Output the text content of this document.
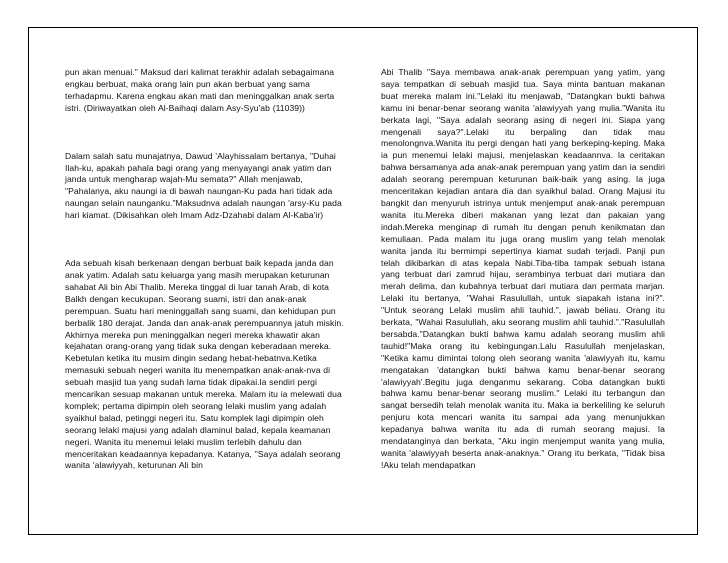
pun akan menuai." Maksud dari kalimat terakhir adalah sebagaimana engkau berbuat, maka orang lain pun akan berbuat yang sama terhadapmu. Karena engkau akan mati dan meninggalkan anak serta istri. (Diriwayatkan oleh Al-Baihaqi dalam Asy-Syu'ab (11039))

Dalam salah satu munajatnya, Dawud 'Alayhissalam bertanya, "Duhai Ilah-ku, apakah pahala bagi orang yang menyayangi anak yatim dan janda untuk mengharap wajah-Mu semata?" Allah menjawab, "Pahalanya, aku naungi ia di bawah naungan-Ku pada hari tidak ada naungan selain naunganku."Maksudnva adalah naungan 'arsy-Ku pada hari kiamat. (Dikisahkan oleh Imam Adz-Dzahabi dalam Al-Kaba'ir)

Ada sebuah kisah berkenaan dengan berbuat baik kepada janda dan anak yatim. Adalah satu keluarga yang masih merupakan keturunan sahabat Ali bin Abi Thalib. Mereka tinggal di luar tanah Arab, di kota Balkh dengan kecukupan. Seorang suami, istri dan anak-anak perempuan. Suatu hari meninggallah sang suami, dan kehidupan pun berbalik 180 derajat. Janda dan anak-anak perempuannya jatuh miskin. Akhirnya mereka pun meninggalkan negeri mereka khawatir akan kejahatan orang-orang yang tidak suka dengan keberadaan mereka. Kebetulan ketika itu musim dingin sedang hebat-hebatnva.Ketika memasuki sebuah negeri wanita itu menempatkan anak-anak-nva di sebuah masjid tua yang sudah lama tidak dipakai.la sendiri pergi mencarikan sesuap makanan untuk mereka. Malam itu ia melewati dua komplek; pertama dipimpin oleh seorang lelaki muslim yang adalah syaikhul balad, petinggi negeri itu. Satu komplek lagi dipimpin oleh seorang lelaki majusi yang adalah dlaminul balad, kepala keamanan negeri. Wanita itu menemui lelaki muslim terlebih dahulu dan menceritakan keadaannya kepadanya. Katanya, "Saya adalah seorang wanita 'alawiyyah, keturunan Ali bin

Abi Thalib "Saya membawa anak-anak perempuan yang yatim, yang saya tempatkan di sebuah masjid tua. Saya minta bantuan makanan buat mereka malam ini."Lelaki itu menjawab, "Datangkan bukti bahwa kamu ini benar-benar seorang wanita 'alawiyyah yang mulia."Wanita itu berkata lagi, "Saya adalah seorang asing di negeri ini. Siapa yang mengenali saya?".Lelaki itu berpaling dan tidak mau menolongnva.Wanita itu pergi dengan hati yang berkeping-keping. Maka ia pun menemui lelaki majusi, menjelaskan keadaannva. la ceritakan bahwa bersamanya ada anak-anak perempuan yang yatim dan ia sendiri adalah seorang perempuan keturunan baik-baik yang asing. Ia juga menceritakan kejadian antara dia dan syaikhul balad. Orang Majusi itu bangkit dan menyuruh istrinya untuk menjemput anak-anak perempuan wanita itu.Mereka diberi makanan yang lezat dan pakaian yang indah.Mereka menginap di rumah itu dengan penuh kenikmatan dan kemuliaan. Pada malam itu juga orang muslim yang telah menolak wanita janda itu bermimpi sepertinya kiamat sudah terjadi. Panji pun telah dikibarkan di atas kepala Nabi.Tiba-tiba tampak sebuah istana yang terbuat dari zamrud hijau, serambinya terbuat dari mutiara dan merah delima, dan kubahnya terbuat dari mutiara dan permata marjan. Lelaki itu bertanya, "Wahai Rasulullah, untuk siapakah istana ini?". "Untuk seorang Lelaki muslim ahli tauhid.", jawab beliau. Orang itu berkata, "Wahai Rasulullah, aku seorang muslim ahli tauhid."."Rasulullah bersabda."Datangkan bukti bahwa kamu adalah seorang muslim ahli tauhid!"Maka orang itu kebingungan.Lalu Rasulullah menjelaskan, "Ketika kamu dimintai tolong oleh seorang wanita 'alawiyyah itu, kamu mengatakan 'datangkan bukti bahwa kamu benar-benar seorang 'alawiyyah'.Begitu juga denganmu sekarang. Coba datangkan bukti bahwa kamu benar-benar seorang muslim." Lelaki itu terbangun dan sangat bersedih telah menolak wanita itu. Maka ia berkeliling ke seluruh penjuru kota mencari wanita itu sampai ada yang menunjukkan kepadanya bahwa wanita itu ada di rumah seorang majusi. Ia mendatanginya dan berkata, "Aku ingin menjemput wanita yang mulia, wanita 'alawiyyah beserta anak-anaknya." Orang itu berkata, "Tidak bisa !Aku telah mendapatkan
